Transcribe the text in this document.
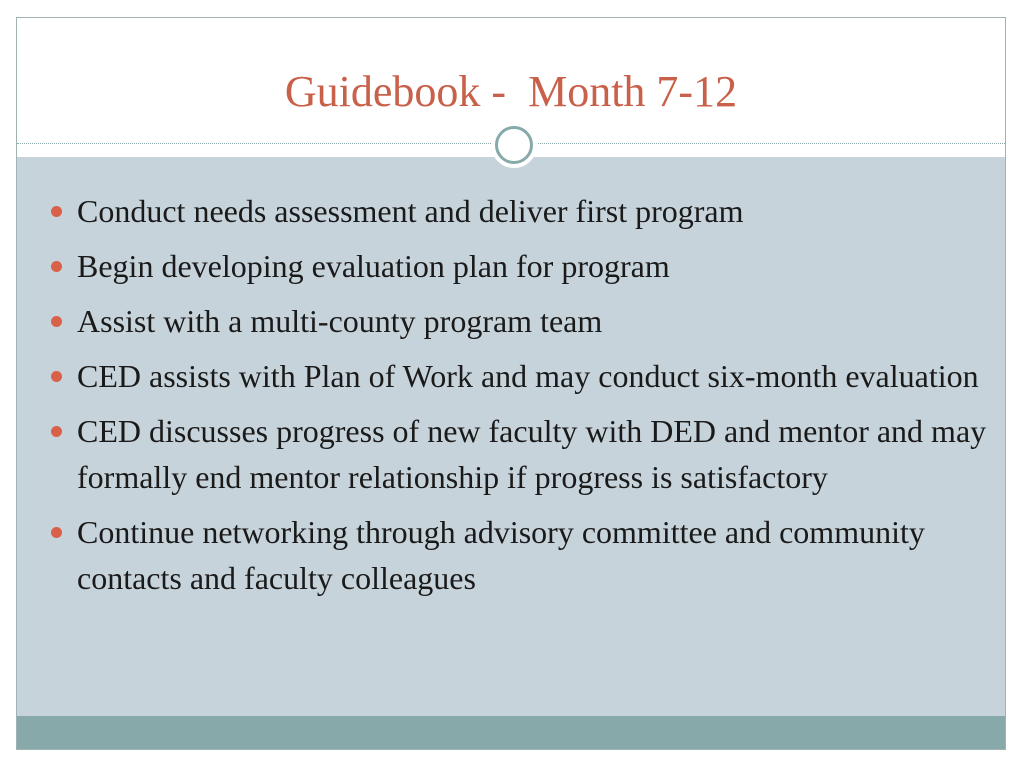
Guidebook -  Month 7-12
Conduct needs assessment and deliver first program
Begin developing evaluation plan for program
Assist with a multi-county program team
CED assists with Plan of Work and may conduct six-month evaluation
CED discusses progress of new faculty with DED and mentor and may formally end mentor relationship if progress is satisfactory
Continue networking through advisory committee and community contacts and faculty colleagues
